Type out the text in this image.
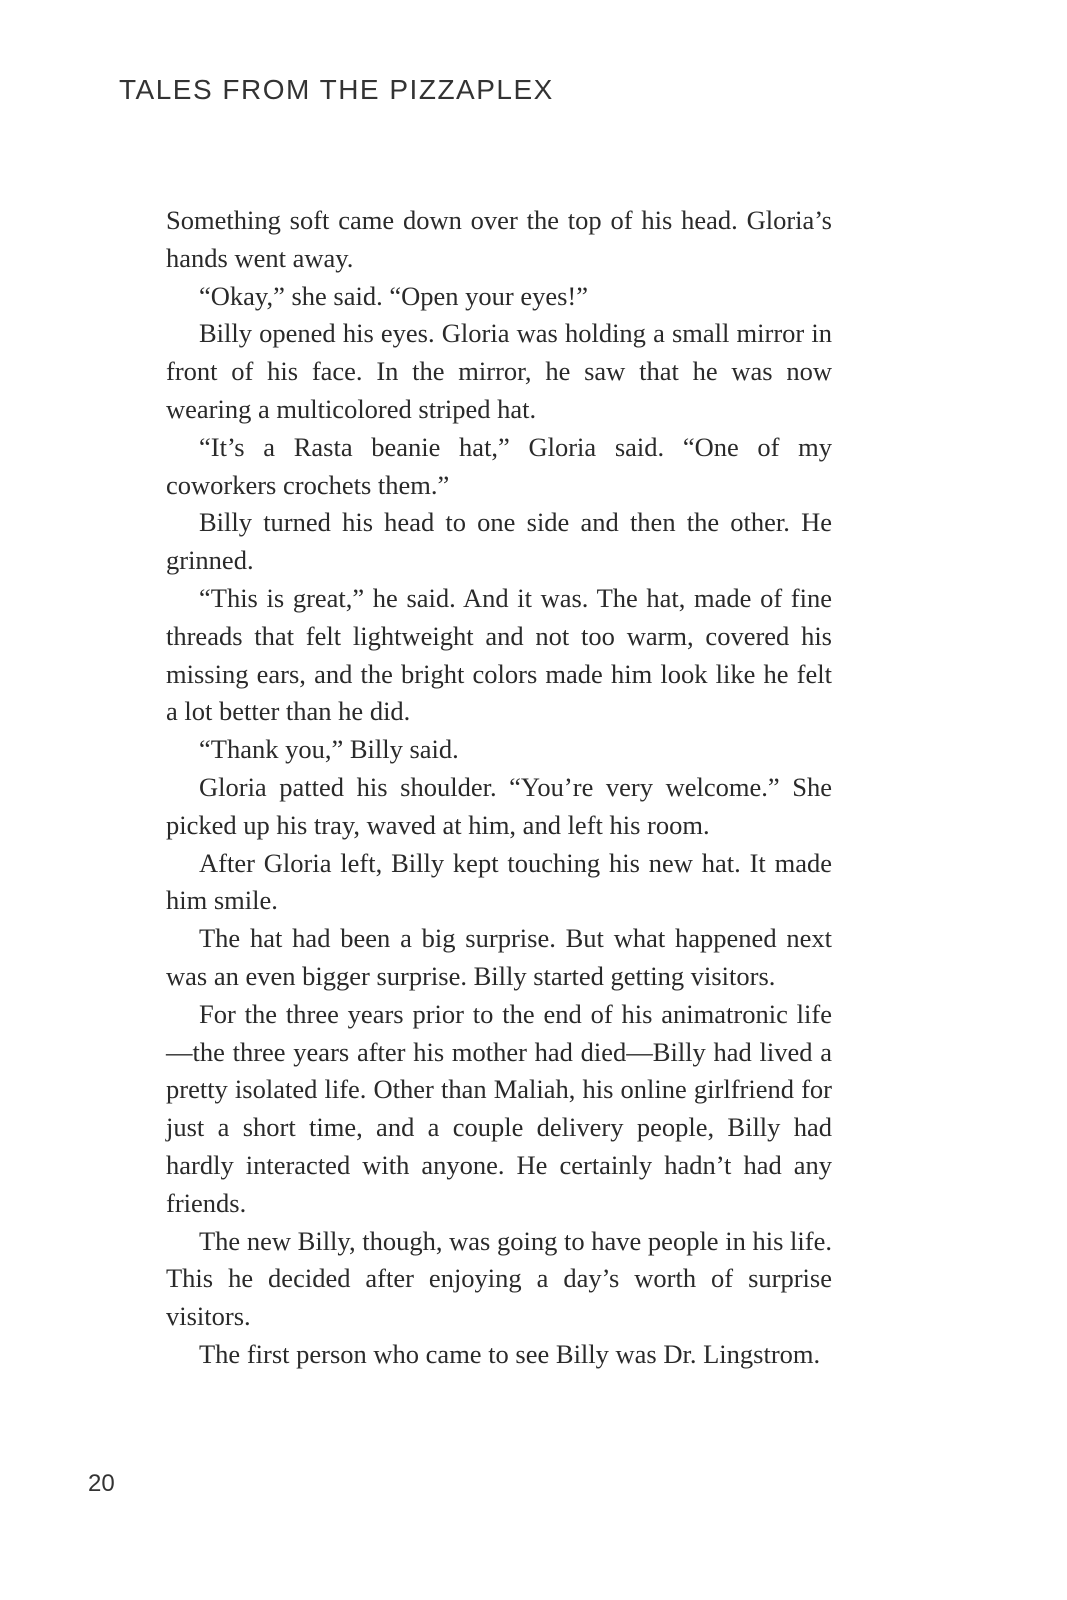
TALES FROM THE PIZZAPLEX

Something soft came down over the top of his head. Gloria’s hands went away.

“Okay,” she said. “Open your eyes!”

Billy opened his eyes. Gloria was holding a small mirror in front of his face. In the mirror, he saw that he was now wearing a multicolored striped hat.

“It’s a Rasta beanie hat,” Gloria said. “One of my coworkers crochets them.”

Billy turned his head to one side and then the other. He grinned.

“This is great,” he said. And it was. The hat, made of fine threads that felt lightweight and not too warm, covered his missing ears, and the bright colors made him look like he felt a lot better than he did.

“Thank you,” Billy said.

Gloria patted his shoulder. “You’re very welcome.” She picked up his tray, waved at him, and left his room.

After Gloria left, Billy kept touching his new hat. It made him smile.

The hat had been a big surprise. But what happened next was an even bigger surprise. Billy started getting visitors.

For the three years prior to the end of his animatronic life—the three years after his mother had died—Billy had lived a pretty isolated life. Other than Maliah, his online girlfriend for just a short time, and a couple delivery people, Billy had hardly interacted with anyone. He certainly hadn’t had any friends.

The new Billy, though, was going to have people in his life. This he decided after enjoying a day’s worth of surprise visitors.

The first person who came to see Billy was Dr. Lingstrom.

20
